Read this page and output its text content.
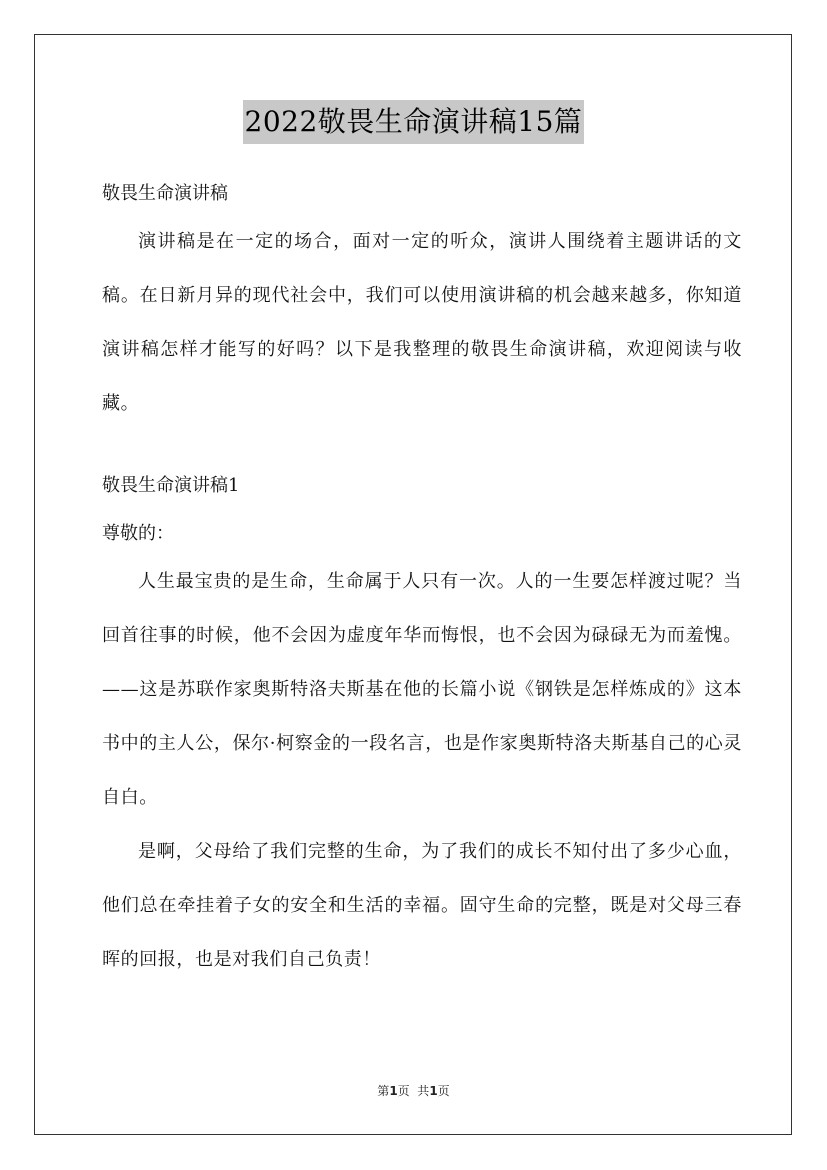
2022敬畏生命演讲稿15篇
敬畏生命演讲稿

演讲稿是在一定的场合，面对一定的听众，演讲人围绕着主题讲话的文稿。在日新月异的现代社会中，我们可以使用演讲稿的机会越来越多，你知道演讲稿怎样才能写的好吗？以下是我整理的敬畏生命演讲稿，欢迎阅读与收藏。

敬畏生命演讲稿1
尊敬的：

人生最宝贵的是生命，生命属于人只有一次。人的一生要怎样渡过呢？当回首往事的时候，他不会因为虚度年华而悔恨，也不会因为碌碌无为而羞愧。——这是苏联作家奥斯特洛夫斯基在他的长篇小说《钢铁是怎样炼成的》这本书中的主人公，保尔·柯察金的一段名言，也是作家奥斯特洛夫斯基自己的心灵自白。

是啊，父母给了我们完整的生命，为了我们的成长不知付出了多少心血，他们总在牵挂着子女的安全和生活的幸福。固守生命的完整，既是对父母三春晖的回报，也是对我们自己负责！

第1页  共1页
